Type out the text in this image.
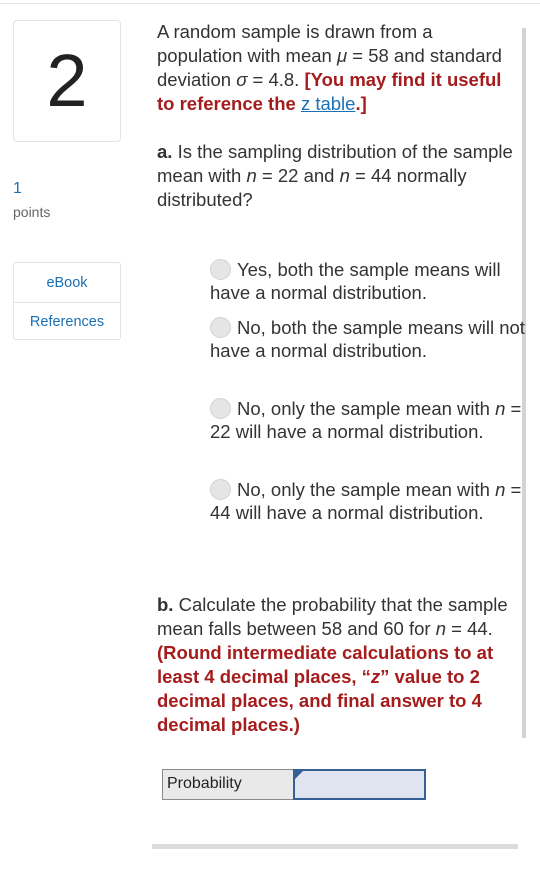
2
1
points
eBook
References

A random sample is drawn from a population with mean μ = 58 and standard deviation σ = 4.8. [You may find it useful to reference the z table.]

a. Is the sampling distribution of the sample mean with n = 22 and n = 44 normally distributed?

Yes, both the sample means will have a normal distribution.
No, both the sample means will not have a normal distribution.
No, only the sample mean with n = 22 will have a normal distribution.
No, only the sample mean with n = 44 will have a normal distribution.

b. Calculate the probability that the sample mean falls between 58 and 60 for n = 44. (Round intermediate calculations to at least 4 decimal places, “z” value to 2 decimal places, and final answer to 4 decimal places.)

Probability
